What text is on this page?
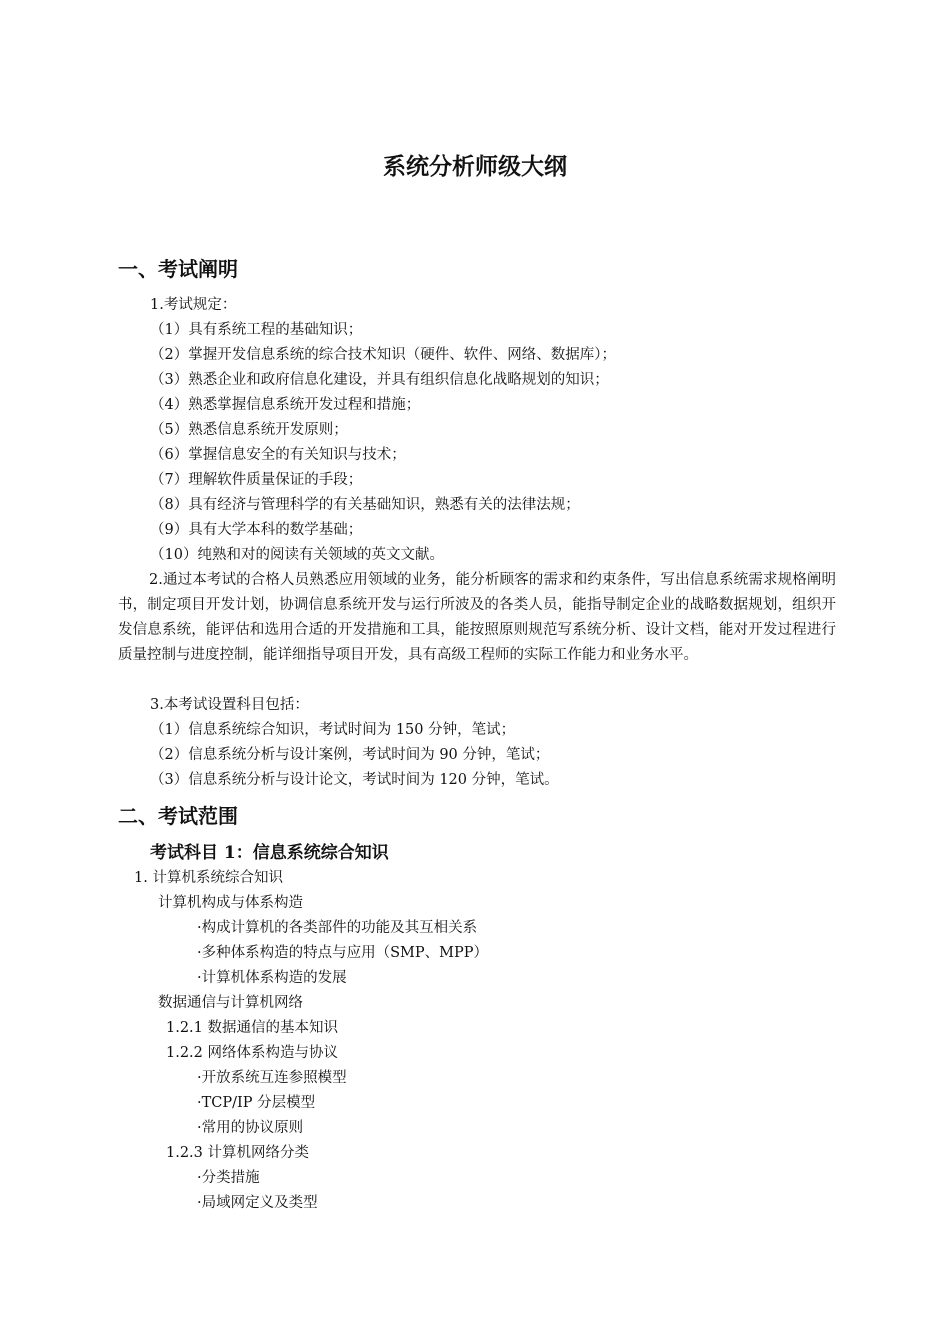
系统分析师级大纲
一、考试阐明
1.考试规定：
（1）具有系统工程的基础知识；
（2）掌握开发信息系统的综合技术知识（硬件、软件、网络、数据库）；
（3）熟悉企业和政府信息化建设，并具有组织信息化战略规划的知识；
（4）熟悉掌握信息系统开发过程和措施；
（5）熟悉信息系统开发原则；
（6）掌握信息安全的有关知识与技术；
（7）理解软件质量保证的手段；
（8）具有经济与管理科学的有关基础知识，熟悉有关的法律法规；
（9）具有大学本科的数学基础；
（10）纯熟和对的阅读有关领域的英文文献。
2.通过本考试的合格人员熟悉应用领域的业务，能分析顾客的需求和约束条件，写出信息系统需求规格阐明书，制定项目开发计划，协调信息系统开发与运行所波及的各类人员，能指导制定企业的战略数据规划，组织开发信息系统，能评估和选用合适的开发措施和工具，能按照原则规范写系统分析、设计文档，能对开发过程进行质量控制与进度控制，能详细指导项目开发，具有高级工程师的实际工作能力和业务水平。
3.本考试设置科目包括：
（1）信息系统综合知识，考试时间为 150 分钟，笔试；
（2）信息系统分析与设计案例，考试时间为 90 分钟，笔试；
（3）信息系统分析与设计论文，考试时间为 120 分钟，笔试。
二、考试范围
考试科目 1：信息系统综合知识
1. 计算机系统综合知识
计算机构成与体系构造
·构成计算机的各类部件的功能及其互相关系
·多种体系构造的特点与应用（SMP、MPP）
·计算机体系构造的发展
数据通信与计算机网络
1.2.1 数据通信的基本知识
1.2.2 网络体系构造与协议
·开放系统互连参照模型
·TCP/IP 分层模型
·常用的协议原则
1.2.3 计算机网络分类
·分类措施
·局域网定义及类型
